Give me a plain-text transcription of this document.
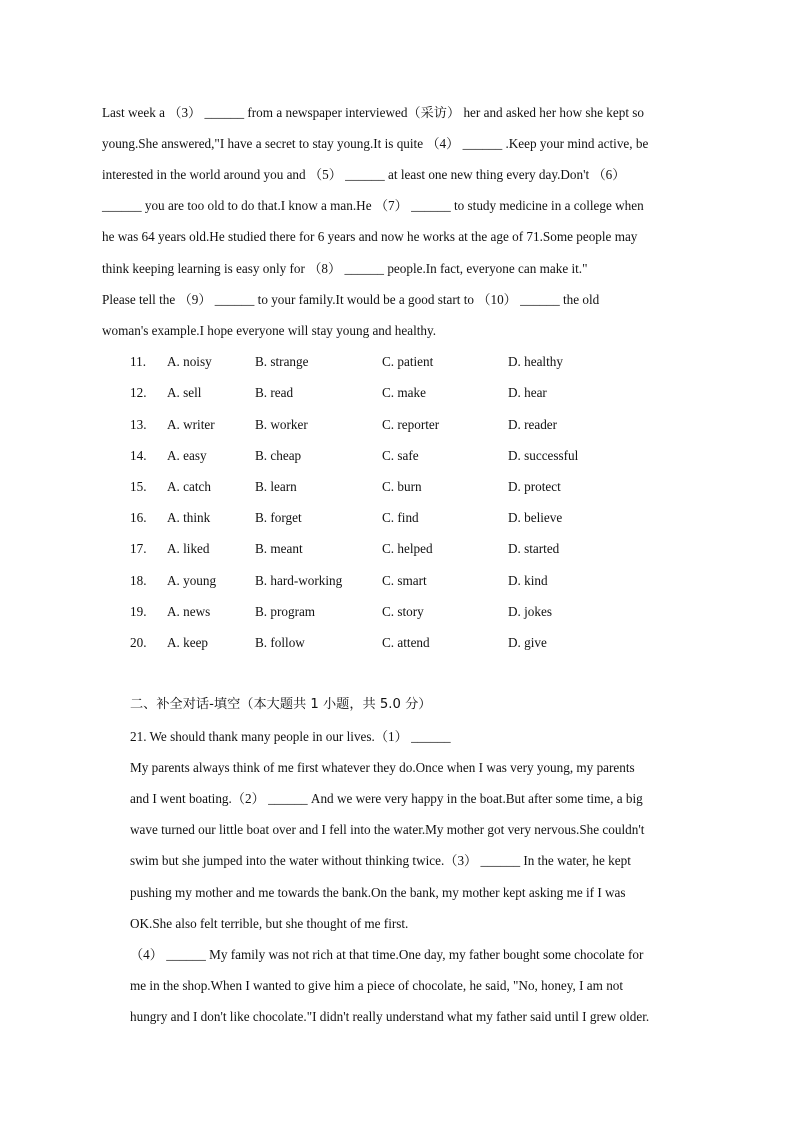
Last week a （3） ______ from a newspaper interviewed（采访） her and asked her how she kept so
young.She answered,"I have a secret to stay young.It is quite （4） ______ .Keep your mind active, be
interested in the world around you and （5） ______ at least one new thing every day.Don't （6）
______ you are too old to do that.I know a man.He （7） ______ to study medicine in a college when
he was 64 years old.He studied there for 6 years and now he works at the age of 71.Some people may
think keeping learning is easy only for （8） ______ people.In fact, everyone can make it."
Please tell the （9） ______ to your family.It would be a good start to （10） ______ the old
woman's example.I hope everyone will stay young and healthy.
11. A. noisy	B. strange	C. patient	D. healthy
12. A. sell	B. read	C. make	D. hear
13. A. writer	B. worker	C. reporter	D. reader
14. A. easy	B. cheap	C. safe	D. successful
15. A. catch	B. learn	C. burn	D. protect
16. A. think	B. forget	C. find	D. believe
17. A. liked	B. meant	C. helped	D. started
18. A. young	B. hard-working	C. smart	D. kind
19. A. news	B. program	C. story	D. jokes
20. A. keep	B. follow	C. attend	D. give
二、补全对话-填空（本大题共 1 小题，共 5.0 分）
21. We should thank many people in our lives.（1） ______
My parents always think of me first whatever they do.Once when I was very young, my parents
and I went boating.（2） ______ And we were very happy in the boat.But after some time, a big
wave turned our little boat over and I fell into the water.My mother got very nervous.She couldn't
swim but she jumped into the water without thinking twice.（3） ______ In the water, he kept
pushing my mother and me towards the bank.On the bank, my mother kept asking me if I was
OK.She also felt terrible, but she thought of me first.
（4） ______ My family was not rich at that time.One day, my father bought some chocolate for
me in the shop.When I wanted to give him a piece of chocolate, he said, "No, honey, I am not
hungry and I don't like chocolate."I didn't really understand what my father said until I grew older.
